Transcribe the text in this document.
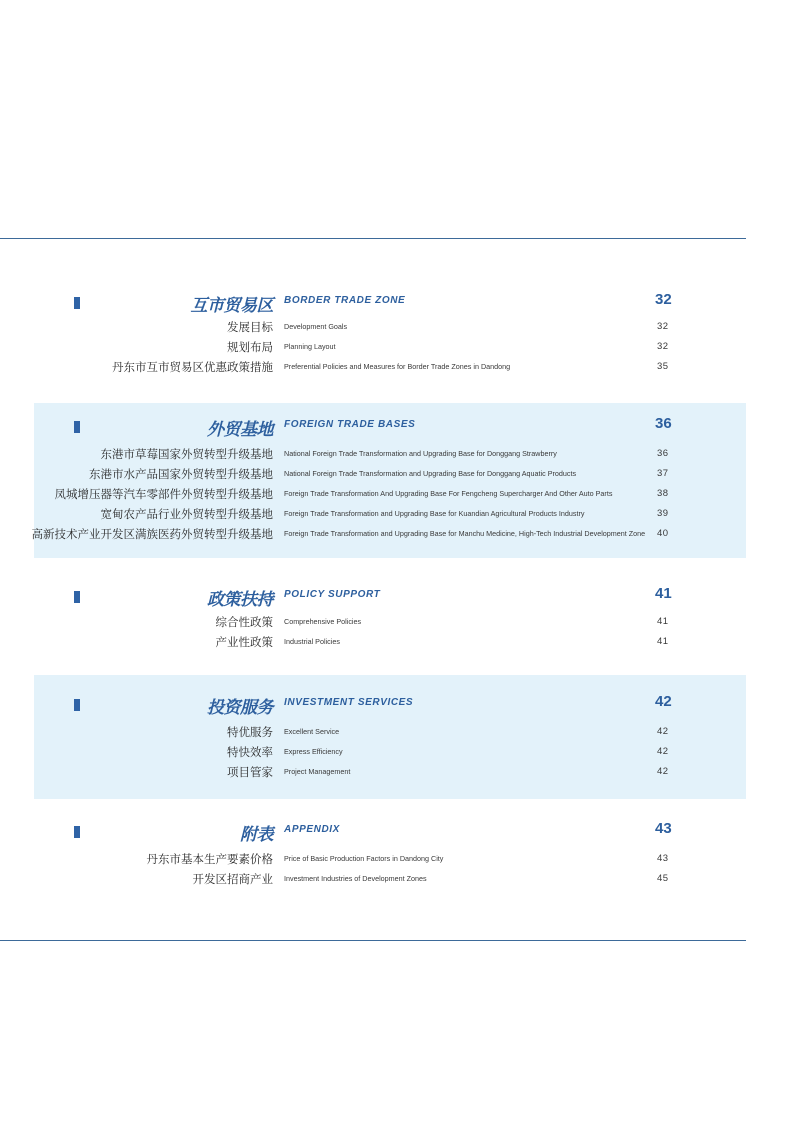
互市贸易区 BORDER TRADE ZONE	32
发展目标 Development Goals	32
规划布局 Planning Layout	32
丹东市互市贸易区优惠政策措施 Preferential Policies and Measures for Border Trade Zones in Dandong	35
外贸基地 FOREIGN TRADE BASES	36
东港市草莓国家外贸转型升级基地 National Foreign Trade Transformation and Upgrading Base for Donggang Strawberry	36
东港市水产品国家外贸转型升级基地 National Foreign Trade Transformation and Upgrading Base for Donggang Aquatic Products	37
凤城增压器等汽车零部件外贸转型升级基地 Foreign Trade Transformation And Upgrading Base For Fengcheng Supercharger And Other Auto Parts	38
宽甸农产品行业外贸转型升级基地 Foreign Trade Transformation and Upgrading Base for Kuandian Agricultural Products Industry	39
高新技术产业开发区满族医药外贸转型升级基地 Foreign Trade Transformation and Upgrading Base for Manchu Medicine, High-Tech Industrial Development Zone 40
政策扶持 POLICY SUPPORT	41
综合性政策 Comprehensive Policies	41
产业性政策 Industrial Policies	41
投资服务 INVESTMENT SERVICES	42
特优服务 Excellent Service	42
特快效率 Express Efficiency	42
项目管家 Project Management	42
附表 APPENDIX	43
丹东市基本生产要素价格 Price of Basic Production Factors in Dandong City	43
开发区招商产业 Investment Industries of Development Zones	45
